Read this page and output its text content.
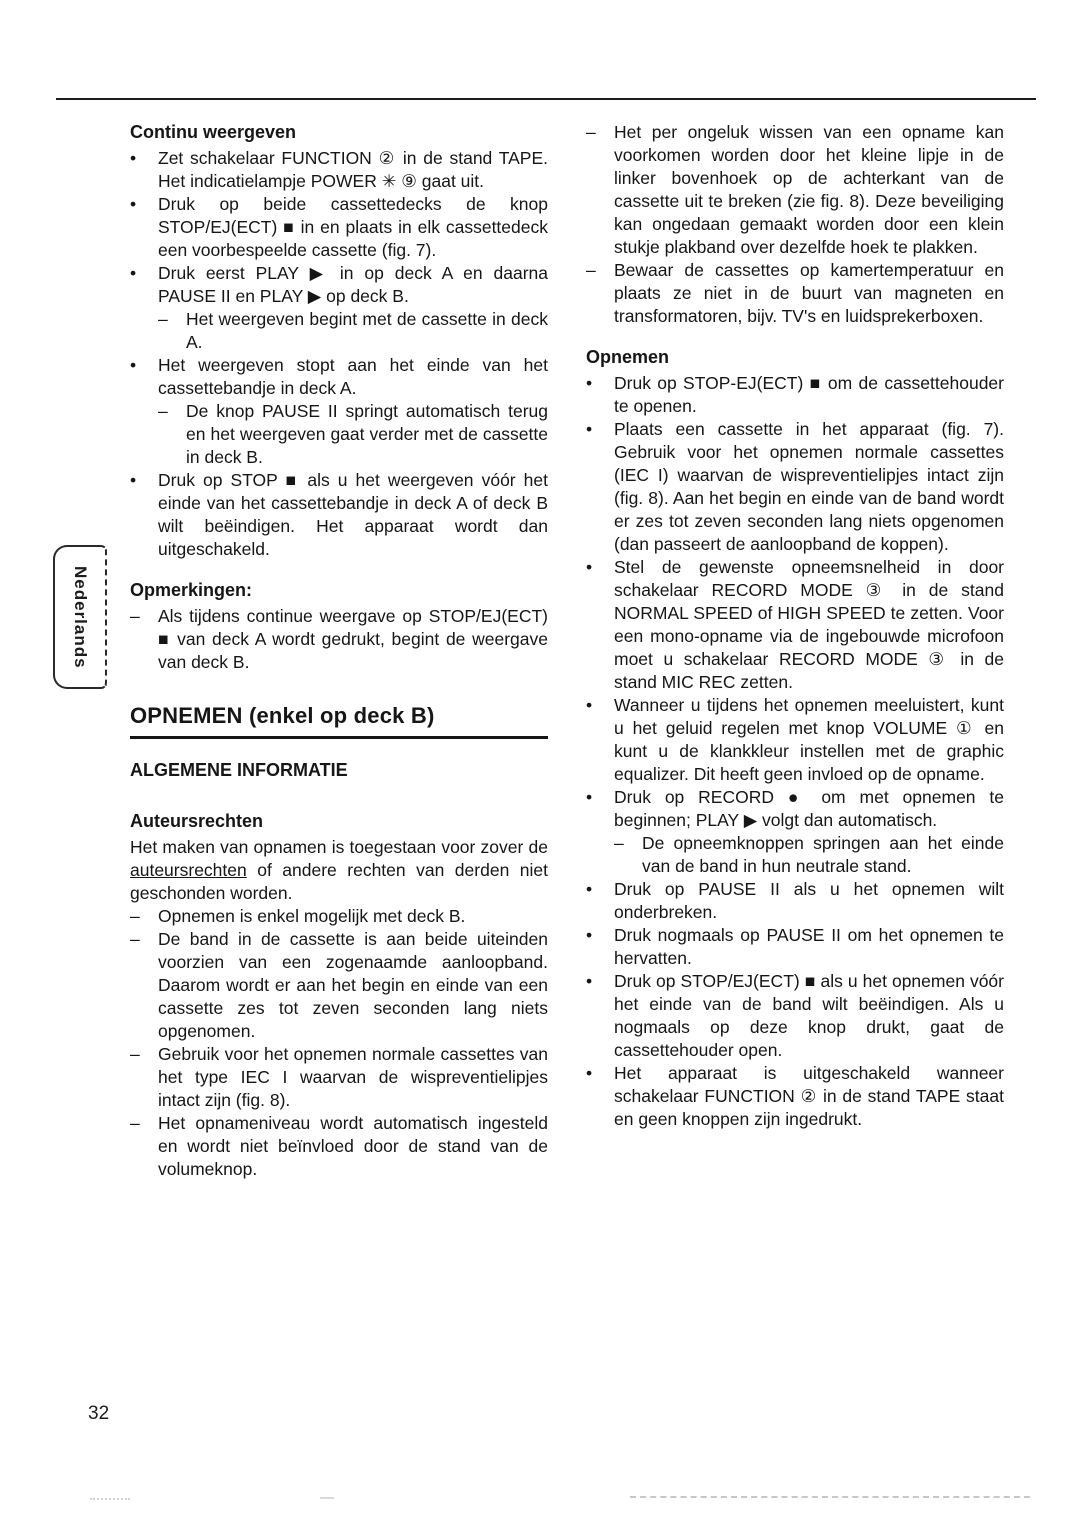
Nederlands
Continu weergeven
•	Zet schakelaar FUNCTION ② in de stand TAPE. Het indicatielampje POWER ✳ ⑨ gaat uit.
•	Druk op beide cassettedecks de knop STOP/EJ(ECT) ■ in en plaats in elk cassettedeck een voorbespeelde cassette (fig. 7).
•	Druk eerst PLAY ▶ in op deck A en daarna PAUSE II en PLAY ▶ op deck B.
–	Het weergeven begint met de cassette in deck A.
•	Het weergeven stopt aan het einde van het cassettebandje in deck A.
–	De knop PAUSE II springt automatisch terug en het weergeven gaat verder met de cassette in deck B.
•	Druk op STOP ■ als u het weergeven vóór het einde van het cassettebandje in deck A of deck B wilt beëindigen. Het apparaat wordt dan uitgeschakeld.
Opmerkingen:
–	Als tijdens continue weergave op STOP/EJ(ECT) ■ van deck A wordt gedrukt, begint de weergave van deck B.
OPNEMEN (enkel op deck B)
ALGEMENE INFORMATIE
Auteursrechten

Het maken van opnamen is toegestaan voor zover de auteursrechten of andere rechten van derden niet geschonden worden.

–	Opnemen is enkel mogelijk met deck B.
–	De band in de cassette is aan beide uiteinden voorzien van een zogenaamde aanloopband. Daarom wordt er aan het begin en einde van een cassette zes tot zeven seconden lang niets opgenomen.
–	Gebruik voor het opnemen normale cassettes van het type IEC I waarvan de wispreventielipjes intact zijn (fig. 8).
–	Het opnameniveau wordt automatisch ingesteld en wordt niet beïnvloed door de stand van de volumeknop.
–	Het per ongeluk wissen van een opname kan voorkomen worden door het kleine lipje in de linker bovenhoek op de achterkant van de cassette uit te breken (zie fig. 8). Deze beveiliging kan ongedaan gemaakt worden door een klein stukje plakband over dezelfde hoek te plakken.
–	Bewaar de cassettes op kamertemperatuur en plaats ze niet in de buurt van magneten en transformatoren, bijv. TV's en luidsprekerboxen.
Opnemen
•	Druk op STOP-EJ(ECT) ■ om de cassettehouder te openen.
•	Plaats een cassette in het apparaat (fig. 7). Gebruik voor het opnemen normale cassettes (IEC I) waarvan de wispreventielipjes intact zijn (fig. 8). Aan het begin en einde van de band wordt er zes tot zeven seconden lang niets opgenomen (dan passeert de aanloopband de koppen).
•	Stel de gewenste opneemsnelheid in door schakelaar RECORD MODE ③ in de stand NORMAL SPEED of HIGH SPEED te zetten. Voor een mono-opname via de ingebouwde microfoon moet u schakelaar RECORD MODE ③ in de stand MIC REC zetten.
•	Wanneer u tijdens het opnemen meeluistert, kunt u het geluid regelen met knop VOLUME ① en kunt u de klankkleur instellen met de graphic equalizer. Dit heeft geen invloed op de opname.
•	Druk op RECORD ● om met opnemen te beginnen; PLAY ▶ volgt dan automatisch.
–	De opneemknoppen springen aan het einde van de band in hun neutrale stand.
•	Druk op PAUSE II als u het opnemen wilt onderbreken.
•	Druk nogmaals op PAUSE II om het opnemen te hervatten.
•	Druk op STOP/EJ(ECT) ■ als u het opnemen vóór het einde van de band wilt beëindigen. Als u nogmaals op deze knop drukt, gaat de cassettehouder open.
•	Het apparaat is uitgeschakeld wanneer schakelaar FUNCTION ② in de stand TAPE staat en geen knoppen zijn ingedrukt.
32
